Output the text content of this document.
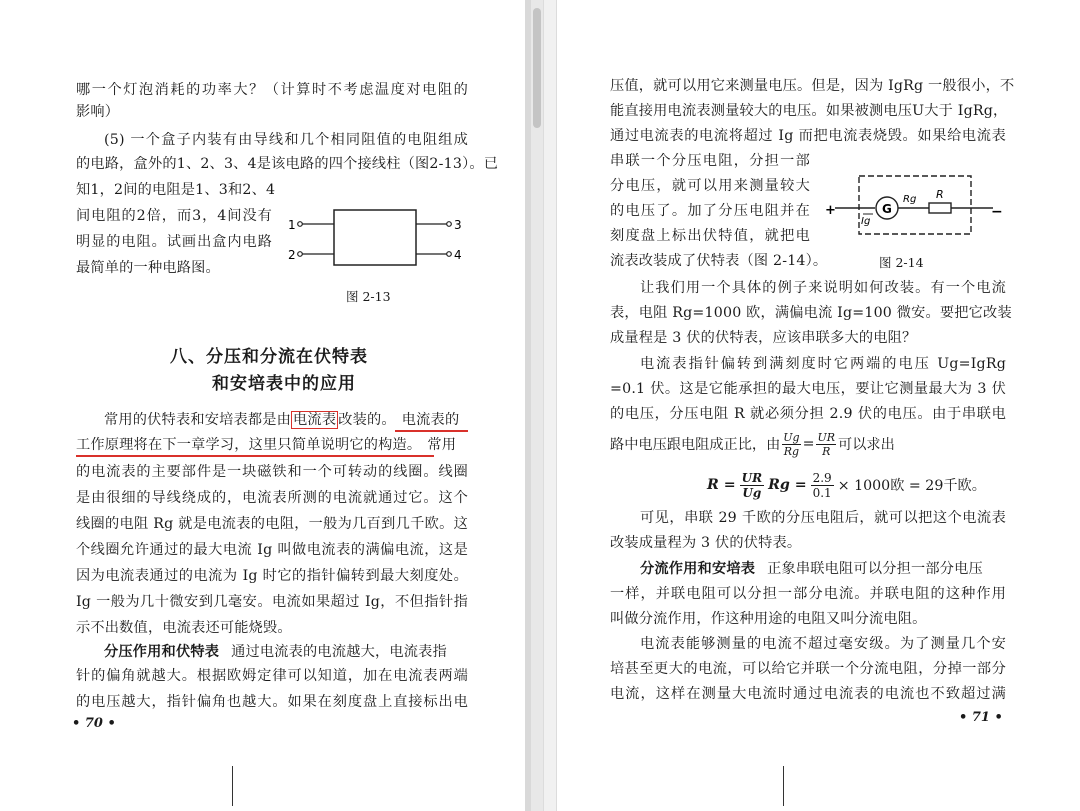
哪一个灯泡消耗的功率大？（计算时不考虑温度对电阻的
影响）
(5) 一个盒子内装有由导线和几个相同阻值的电阻组成
的电路，盒外的1、2、3、4是该电路的四个接线柱（图2-13）。已
知1，2间的电阻是1、3和2、4
间电阻的2倍，而3，4间没有
明显的电阻。试画出盒内电路
最简单的一种电路图。
1
2
3
4
图 2-13
八、分压和分流在伏特表
和安培表中的应用
常用的伏特表和安培表都是由 电流表 改装的。 电流表的
工作原理将在下一章学习，这里只简单说明它的构造。 常用
的电流表的主要部件是一块磁铁和一个可转动的线圈。线圈
是由很细的导线绕成的，电流表所测的电流就通过它。这个
线圈的电阻 Rg 就是电流表的电阻，一般为几百到几千欧。这
个线圈允许通过的最大电流 Ig 叫做电流表的满偏电流，这是
因为电流表通过的电流为 Ig 时它的指针偏转到最大刻度处。
Ig 一般为几十微安到几毫安。电流如果超过 Ig，不但指针指
示不出数值，电流表还可能烧毁。
分压作用和伏特表 通过电流表的电流越大，电流表指
针的偏角就越大。根据欧姆定律可以知道，加在电流表两端
的电压越大，指针偏角也越大。如果在刻度盘上直接标出电
• 70 •
压值，就可以用它来测量电压。但是，因为 IgRg 一般很小，不
能直接用电流表测量较大的电压。如果被测电压U大于 IgRg，
通过电流表的电流将超过 Ig 而把电流表烧毁。如果给电流表
串联一个分压电阻，分担一部
分电压，就可以用来测量较大
的电压了。加了分压电阻并在
刻度盘上标出伏特值，就把电
流表改装成了伏特表（图 2-14）。
G
Rg R
Ig
+	−
图 2-14
让我们用一个具体的例子来说明如何改装。有一个电流
表，电阻 Rg=1000 欧，满偏电流 Ig=100 微安。要把它改装
成量程是 3 伏的伏特表，应该串联多大的电阻？
电流表指针偏转到满刻度时它两端的电压 Ug=IgRg
=0.1 伏。这是它能承担的最大电压，要让它测量最大为 3 伏
的电压，分压电阻 R 就必须分担 2.9 伏的电压。由于串联电
路中电压跟电阻成正比，由 $\frac{Ug}{Rg} = \frac{UR}{R}$ 可以求出
$R = \frac{UR}{Ug}$ $Rg = \frac{2.9}{0.1} \times 1000$欧 = 29千欧。
可见，串联 29 千欧的分压电阻后，就可以把这个电流表
改装成量程为 3 伏的伏特表。
分流作用和安培表 正象串联电阻可以分担一部分电压
一样，并联电阻可以分担一部分电流。并联电阻的这种作用
叫做分流作用，作这种用途的电阻又叫分流电阻。
电流表能够测量的电流不超过毫安级。为了测量几个安
培甚至更大的电流，可以给它并联一个分流电阻，分掉一部分
电流，这样在测量大电流时通过电流表的电流也不致超过满
• 71 •
